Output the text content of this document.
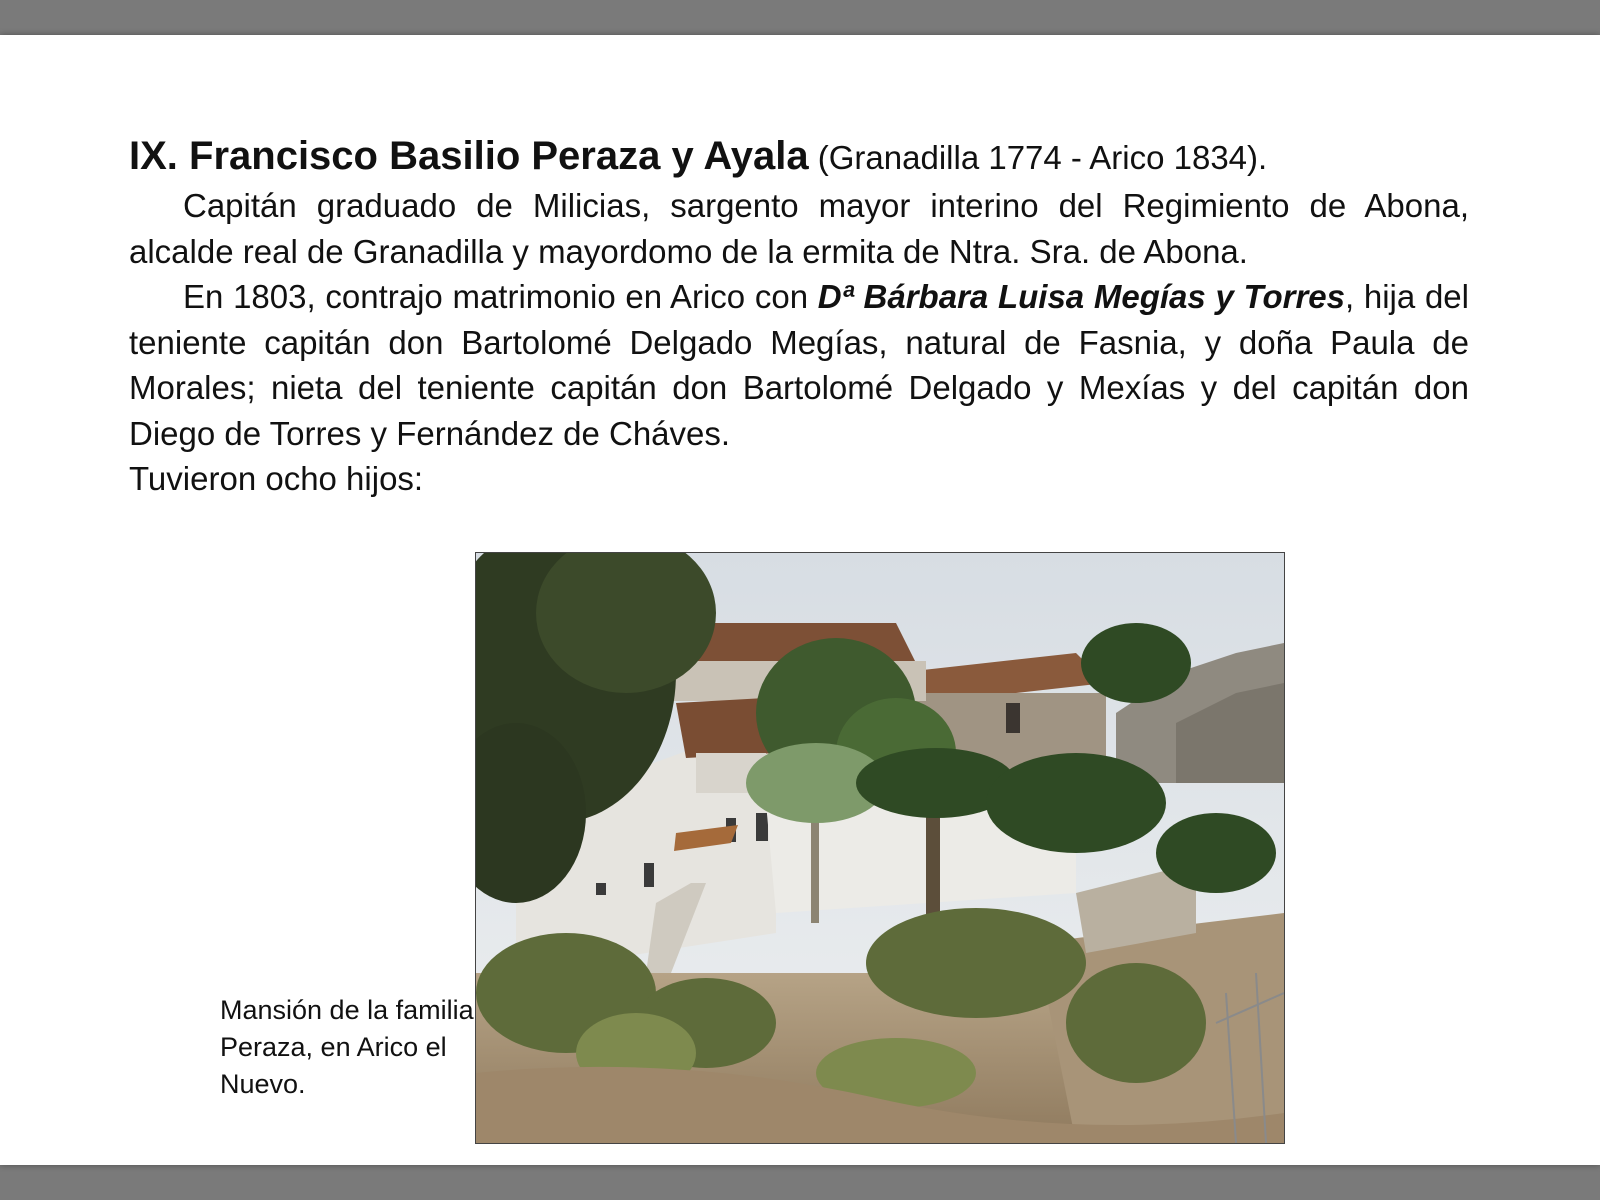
IX. Francisco Basilio Peraza y Ayala (Granadilla 1774 - Arico 1834).

Capitán graduado de Milicias, sargento mayor interino del Regimiento de Abona, alcalde real de Granadilla y mayordomo de la ermita de Ntra. Sra. de Abona.

En 1803, contrajo matrimonio en Arico con Dª Bárbara Luisa Megías y Torres, hija del teniente capitán don Bartolomé Delgado Megías, natural de Fasnia, y doña Paula de Morales; nieta del teniente capitán don Bartolomé Delgado y Mexías y del capitán don Diego de Torres y Fernández de Cháves.

Tuvieron ocho hijos:

Mansión de la familia Peraza, en Arico el Nuevo.
